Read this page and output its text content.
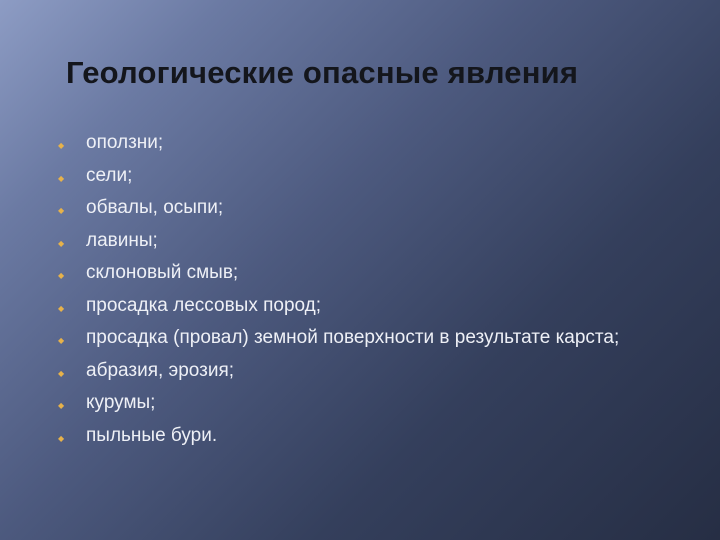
Геологические опасные явления
◆ оползни;
◆ сели;
◆ обвалы, осыпи;
◆ лавины;
◆ склоновый смыв;
◆ просадка лессовых пород;
◆ просадка (провал) земной поверхности в результате карста;
◆ абразия, эрозия;
◆ курумы;
◆ пыльные бури.
